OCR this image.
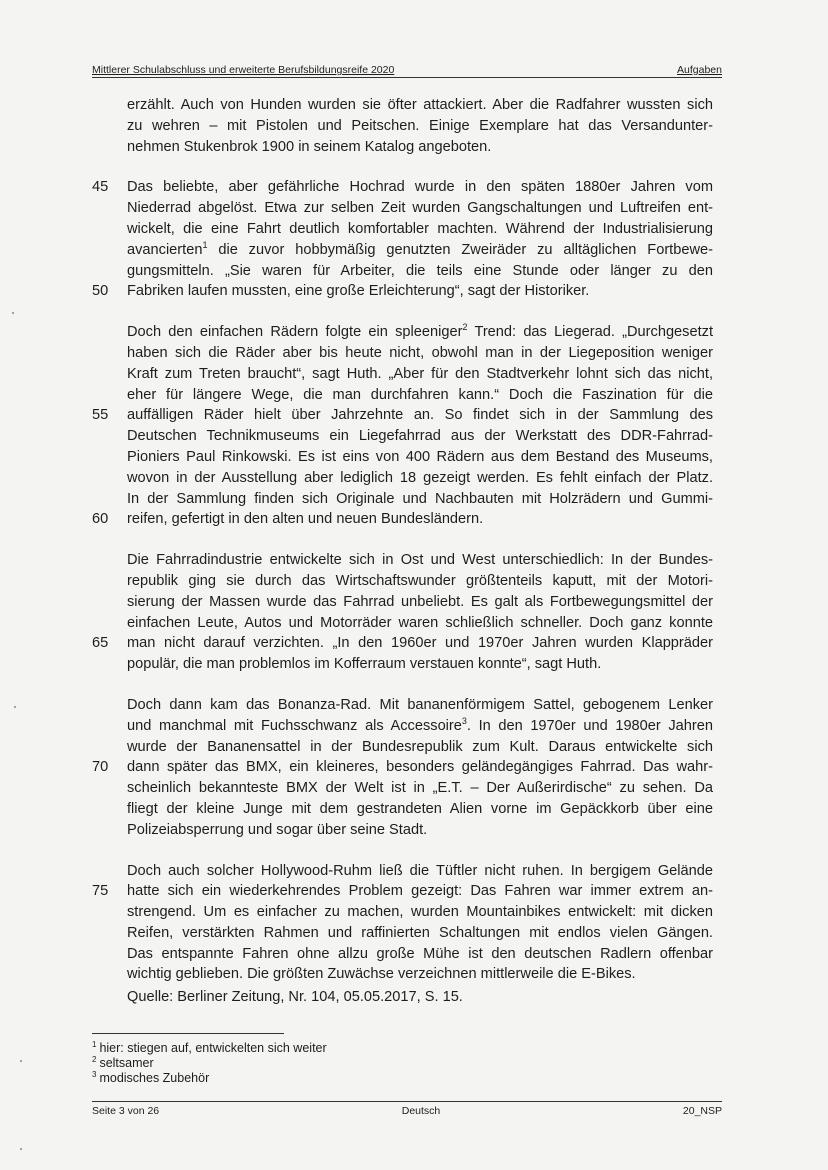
Mittlerer Schulabschluss und erweiterte Berufsbildungsreife 2020	Aufgaben
erzählt. Auch von Hunden wurden sie öfter attackiert. Aber die Radfahrer wussten sich
zu wehren – mit Pistolen und Peitschen. Einige Exemplare hat das Versandunter-
nehmen Stukenbrok 1900 in seinem Katalog angeboten.
45 Das beliebte, aber gefährliche Hochrad wurde in den späten 1880er Jahren vom
Niederrad abgelöst. Etwa zur selben Zeit wurden Gangschaltungen und Luftreifen ent-
wickelt, die eine Fahrt deutlich komfortabler machten. Während der Industrialisierung
avancierten$^1$ die zuvor hobbymäßig genutzten Zweiräder zu alltäglichen Fortbewe-
gungsmitteln. „Sie waren für Arbeiter, die teils eine Stunde oder länger zu den
50 Fabriken laufen mussten, eine große Erleichterung“, sagt der Historiker.
Doch den einfachen Rädern folgte ein spleeniger$^2$ Trend: das Liegerad. „Durchgesetzt
haben sich die Räder aber bis heute nicht, obwohl man in der Liegeposition weniger
Kraft zum Treten braucht“, sagt Huth. „Aber für den Stadtverkehr lohnt sich das nicht,
eher für längere Wege, die man durchfahren kann.“ Doch die Faszination für die
55 auffälligen Räder hielt über Jahrzehnte an. So findet sich in der Sammlung des
Deutschen Technikmuseums ein Liegefahrrad aus der Werkstatt des DDR-Fahrrad-
Pioniers Paul Rinkowski. Es ist eins von 400 Rädern aus dem Bestand des Museums,
wovon in der Ausstellung aber lediglich 18 gezeigt werden. Es fehlt einfach der Platz.
In der Sammlung finden sich Originale und Nachbauten mit Holzrädern und Gummi-
60 reifen, gefertigt in den alten und neuen Bundesländern.
Die Fahrradindustrie entwickelte sich in Ost und West unterschiedlich: In der Bundes-
republik ging sie durch das Wirtschaftswunder größtenteils kaputt, mit der Motori-
sierung der Massen wurde das Fahrrad unbeliebt. Es galt als Fortbewegungsmittel der
einfachen Leute, Autos und Motorräder waren schließlich schneller. Doch ganz konnte
65 man nicht darauf verzichten. „In den 1960er und 1970er Jahren wurden Klappräder
populär, die man problemlos im Kofferraum verstauen konnte“, sagt Huth.
Doch dann kam das Bonanza-Rad. Mit bananenförmigem Sattel, gebogenem Lenker
und manchmal mit Fuchsschwanz als Accessoire$^3$. In den 1970er und 1980er Jahren
wurde der Bananensattel in der Bundesrepublik zum Kult. Daraus entwickelte sich
70 dann später das BMX, ein kleineres, besonders geländegängiges Fahrrad. Das wahr-
scheinlich bekannteste BMX der Welt ist in „E.T. – Der Außerirdische“ zu sehen. Da
fliegt der kleine Junge mit dem gestrandeten Alien vorne im Gepäckkorb über eine
Polizeiabsperrung und sogar über seine Stadt.
Doch auch solcher Hollywood-Ruhm ließ die Tüftler nicht ruhen. In bergigem Gelände
75 hatte sich ein wiederkehrendes Problem gezeigt: Das Fahren war immer extrem an-
strengend. Um es einfacher zu machen, wurden Mountainbikes entwickelt: mit dicken
Reifen, verstärkten Rahmen und raffinierten Schaltungen mit endlos vielen Gängen.
Das entspannte Fahren ohne allzu große Mühe ist den deutschen Radlern offenbar
wichtig geblieben. Die größten Zuwächse verzeichnen mittlerweile die E-Bikes.
Quelle: Berliner Zeitung, Nr. 104, 05.05.2017, S. 15.
$^1$ hier: stiegen auf, entwickelten sich weiter
$^2$ seltsamer
$^3$ modisches Zubehör
Seite 3 von 26	Deutsch	20_NSP
